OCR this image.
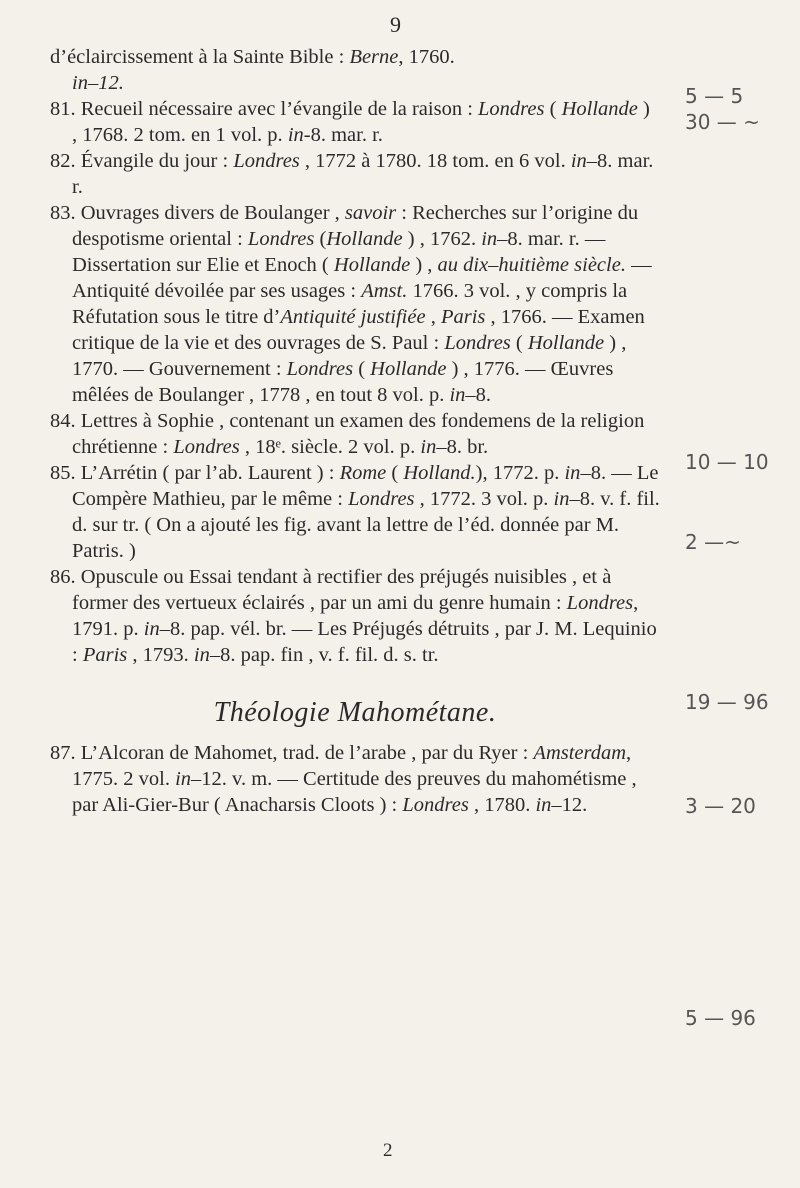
9

d’éclaircissement à la Sainte Bible : Berne, 1760.
in–12.

81. Recueil nécessaire avec l’évangile de la raison : Londres ( Hollande ) , 1768. 2 tom. en 1 vol. p. in-8. mar. r.

82. Évangile du jour : Londres , 1772 à 1780. 18 tom. en 6 vol. in–8. mar. r.

83. Ouvrages divers de Boulanger , savoir : Recherches sur l’origine du despotisme oriental : Londres (Hollande ) , 1762. in–8. mar. r. — Dissertation sur Elie et Enoch ( Hollande ) , au dix–huitième siècle. — Antiquité dévoilée par ses usages : Amst. 1766. 3 vol. , y compris la Réfutation sous le titre d’Antiquité justifiée , Paris , 1766. — Examen critique de la vie et des ouvrages de S. Paul : Londres ( Hollande ) , 1770. — Gouvernement : Londres ( Hollande ) , 1776. — Œuvres mêlées de Boulanger , 1778 , en tout 8 vol. p. in–8.

84. Lettres à Sophie , contenant un examen des fondemens de la religion chrétienne : Londres , 18ᵉ. siècle. 2 vol. p. in–8. br.

85. L’Arrétin ( par l’ab. Laurent ) : Rome ( Holland.), 1772. p. in–8. — Le Compère Mathieu, par le même : Londres , 1772. 3 vol. p. in–8. v. f. fil. d. sur tr. ( On a ajouté les fig. avant la lettre de l’éd. donnée par M. Patris. )

86. Opuscule ou Essai tendant à rectifier des préjugés nuisibles , et à former des vertueux éclairés , par un ami du genre humain : Londres, 1791. p. in–8. pap. vél. br. — Les Préjugés détruits , par J. M. Lequinio : Paris , 1793. in–8. pap. fin , v. f. fil. d. s. tr.

Théologie Mahométane.

87. L’Alcoran de Mahomet, trad. de l’arabe , par du Ryer : Amsterdam, 1775. 2 vol. in–12. v. m. — Certitude des preuves du mahométisme , par Ali-Gier-Bur ( Anacharsis Cloots ) : Londres , 1780. in–12.

5 — 5
30 — ~
10 — 10
2 —~
19 — 96
3 — 20
5 — 96
2
